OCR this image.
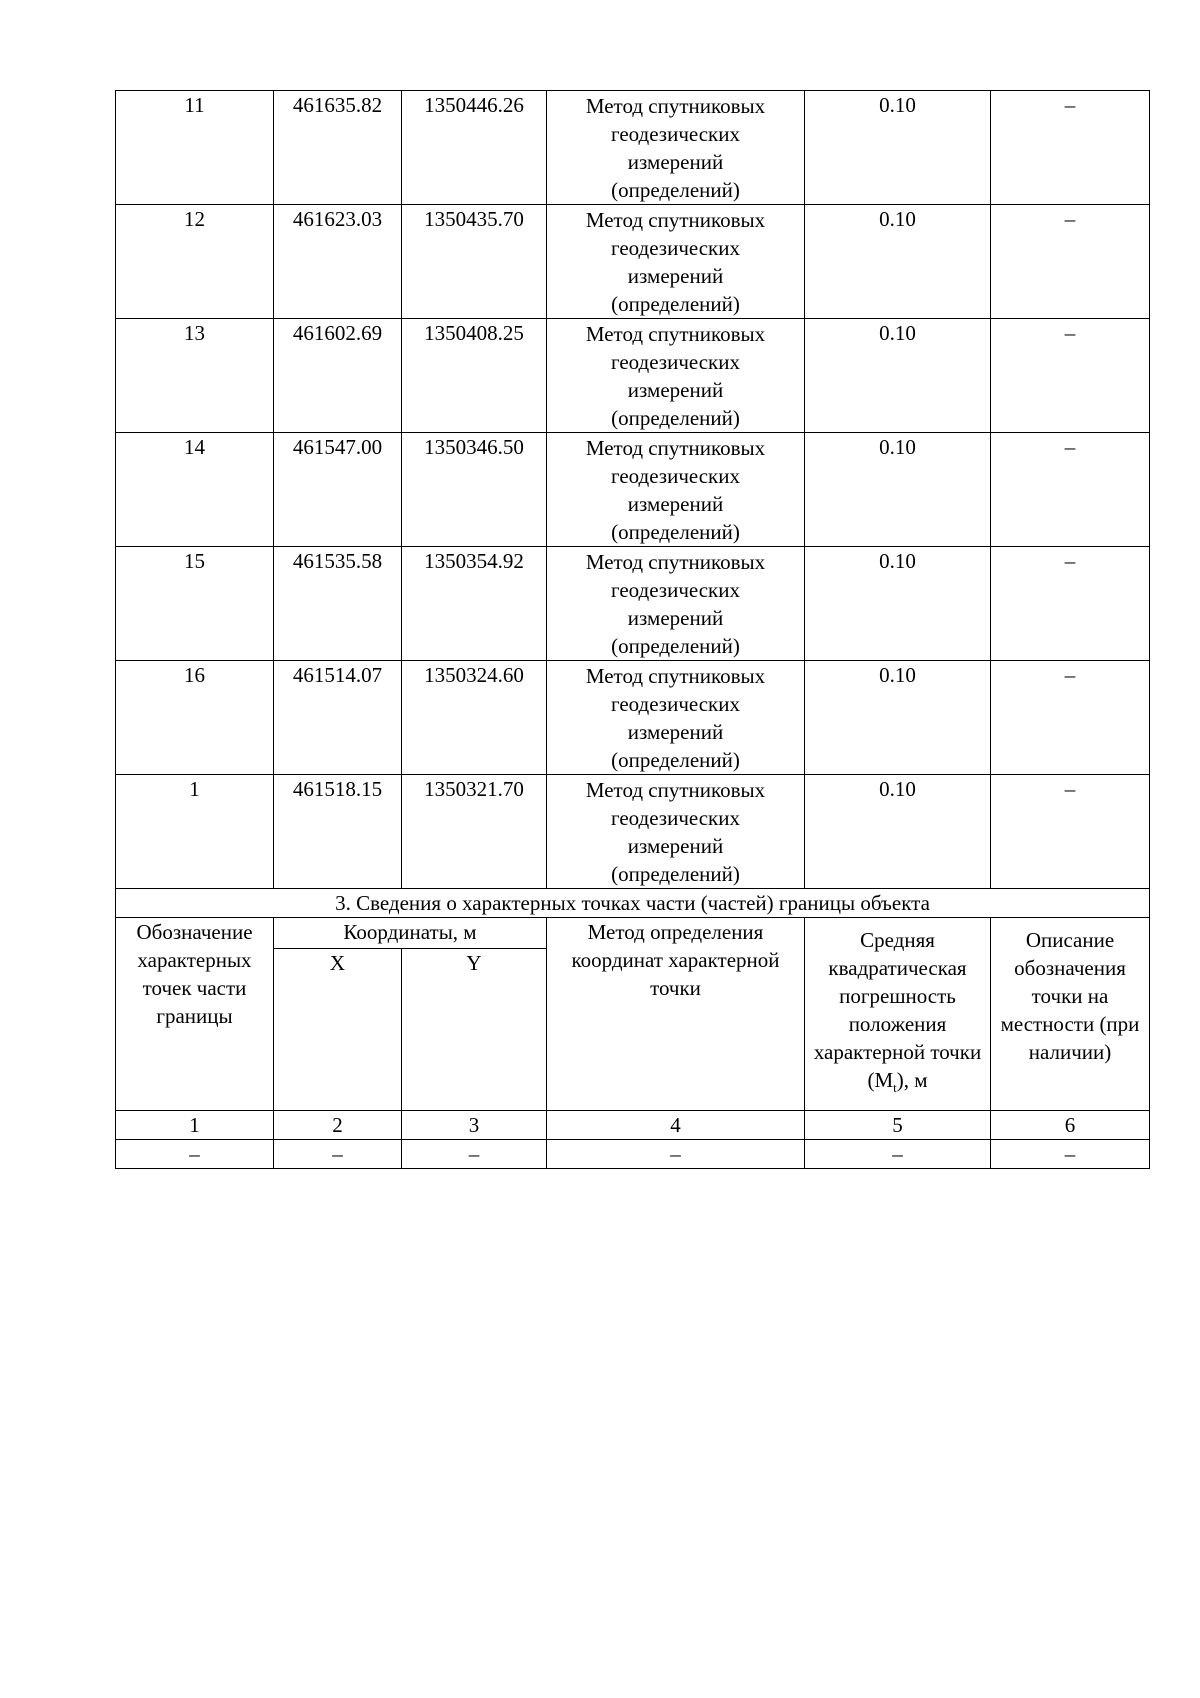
11	461635.82	1350446.26	Метод спутниковых геодезических измерений (определений)	0.10	–
12	461623.03	1350435.70	Метод спутниковых геодезических измерений (определений)	0.10	–
13	461602.69	1350408.25	Метод спутниковых геодезических измерений (определений)	0.10	–
14	461547.00	1350346.50	Метод спутниковых геодезических измерений (определений)	0.10	–
15	461535.58	1350354.92	Метод спутниковых геодезических измерений (определений)	0.10	–
16	461514.07	1350324.60	Метод спутниковых геодезических измерений (определений)	0.10	–
1	461518.15	1350321.70	Метод спутниковых геодезических измерений (определений)	0.10	–
3. Сведения о характерных точках части (частей) границы объекта					
Обозначение характерных точек части границы	Координаты, м		Метод определения координат характерной точки	Средняя квадратическая погрешность положения характерной точки $(M_t)$, м	Описание обозначения точки на местности (при наличии)
	X	Y			
1	2	3	4	5	6
–	–	–	–	–	–
